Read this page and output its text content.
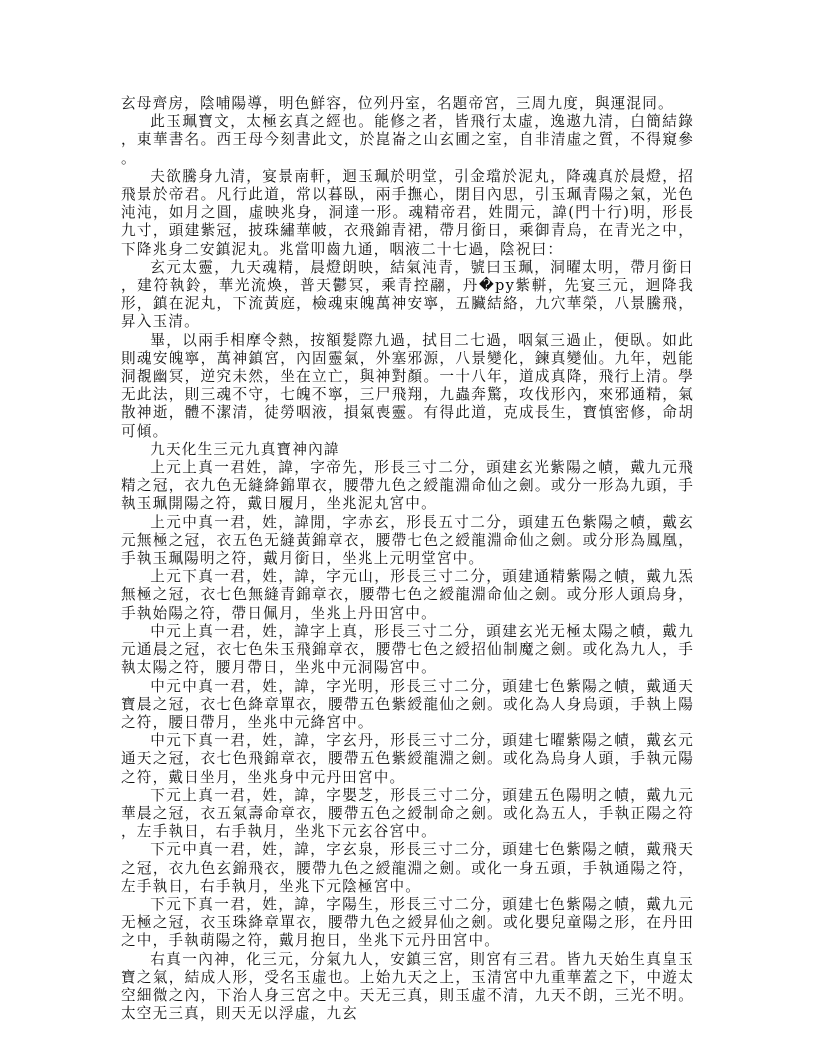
玄母齊房，陰哺陽導，明色鮮容，位列丹室，名題帝宮，三周九度，與運混同。

此玉珮寶文，太極玄真之經也。能修之者，皆飛行太虛，逸遨九清，白簡結錄，東華書名。西王母今刻書此文，於崑崙之山玄圃之室，自非清虛之質，不得窺參。

夫欲騰身九清，宴景南軒，迴玉珮於明堂，引金璫於泥丸，降魂真於晨燈，招飛景於帝君。凡行此道，常以暮臥，兩手撫心，閉目內思，引玉珮青陽之氣，光色沌沌，如月之圓，虛映兆身，洞達一形。魂精帝君，姓閒元，諱(門十行)明，形長九寸，頭建紫冠，披珠繡華帔，衣飛錦青裙，帶月銜日，乘御青烏，在青光之中，下降兆身二安鎮泥丸。兆當叩齒九通，咽液二十七過，陰祝曰：

玄元太靈，九天魂精，晨燈朗映，結氣沌青，號曰玉珮，洞曜太明，帶月銜日，建符執鈴，華光流煥，普天鬱冥，乘青控翮，丹�py紫軿，先宴三元，迴降我形，鎮在泥丸，下流黃庭，檢魂束魄萬神安寧，五臟結絡，九穴華榮，八景騰飛，昇入玉清。

畢，以兩手相摩令熱，按額髮際九過，拭目二七過，咽氣三過止，便臥。如此則魂安魄寧，萬神鎮宮，內固靈氣，外塞邪源，八景變化，鍊真變仙。九年，剋能洞覩幽冥，逆究未然，坐在立亡，與神對顏。一十八年，道成真降，飛行上清。學无此法，則三魂不守，七魄不寧，三尸飛翔，九蟲奔驚，攻伐形內，來邪通精，氣散神逝，體不潔清，徒勞咽液，損氣喪靈。有得此道，克成長生，寶慎密修，命胡可傾。

九天化生三元九真寶神內諱

上元上真一君姓，諱，字帝先，形長三寸二分，頭建玄光紫陽之幘，戴九元飛精之冠，衣九色无縫絳錦單衣，腰帶九色之綬龍淵命仙之劍。或分一形為九頭，手執玉珮開陽之符，戴日履月，坐兆泥丸宮中。

上元中真一君，姓，諱閒，字赤玄，形長五寸二分，頭建五色紫陽之幘，戴玄元無極之冠，衣五色无縫黃錦章衣，腰帶七色之綬龍淵命仙之劍。或分形為鳳凰，手執玉珮陽明之符，戴月銜日，坐兆上元明堂宮中。

上元下真一君，姓，諱，字元山，形長三寸二分，頭建通精紫陽之幘，戴九炁無極之冠，衣七色無縫青錦章衣，腰帶七色之綬龍淵命仙之劍。或分形人頭烏身，手執始陽之符，帶日佩月，坐兆上丹田宮中。

中元上真一君，姓，諱字上真，形長三寸二分，頭建玄光无極太陽之幘，戴九元通晨之冠，衣七色朱玉飛錦章衣，腰帶七色之綬招仙制魔之劍。或化為九人，手執太陽之符，腰月帶日，坐兆中元洞陽宮中。

中元中真一君，姓，諱，字光明，形長三寸二分，頭建七色紫陽之幘，戴通天寶晨之冠，衣七色絳章單衣，腰帶五色紫綬龍仙之劍。或化為人身烏頭，手執上陽之符，腰日帶月，坐兆中元絳宮中。

中元下真一君，姓，諱，字玄丹，形長三寸二分，頭建七曜紫陽之幘，戴玄元通天之冠，衣七色飛錦章衣，腰帶五色紫綬龍淵之劍。或化為烏身人頭，手執元陽之符，戴日坐月，坐兆身中元丹田宮中。

下元上真一君，姓，諱，字嬰芝，形長三寸二分，頭建五色陽明之幘，戴九元華晨之冠，衣五氣壽命章衣，腰帶五色之綬制命之劍。或化為五人，手執正陽之符，左手執日，右手執月，坐兆下元玄谷宮中。

下元中真一君，姓，諱，字玄泉，形長三寸二分，頭建七色紫陽之幘，戴飛天之冠，衣九色玄錦飛衣，腰帶九色之綬龍淵之劍。或化一身五頭，手執通陽之符，左手執日，右手執月，坐兆下元陰極宮中。

下元下真一君，姓，諱，字陽生，形長三寸二分，頭建七色紫陽之幘，戴九元无極之冠，衣玉珠絳章單衣，腰帶九色之綬昇仙之劍。或化嬰兒童陽之形，在丹田之中，手執萌陽之符，戴月抱日，坐兆下元丹田宮中。

右真一內神，化三元，分氣九人，安鎮三宮，則宮有三君。皆九天始生真皇玉寶之氣，結成人形，受名玉虛也。上始九天之上，玉清宮中九重華蓋之下，中遊太空細微之內，下治人身三宮之中。天无三真，則玉虛不清，九天不朗，三光不明。太空无三真，則天无以浮虛，九玄
